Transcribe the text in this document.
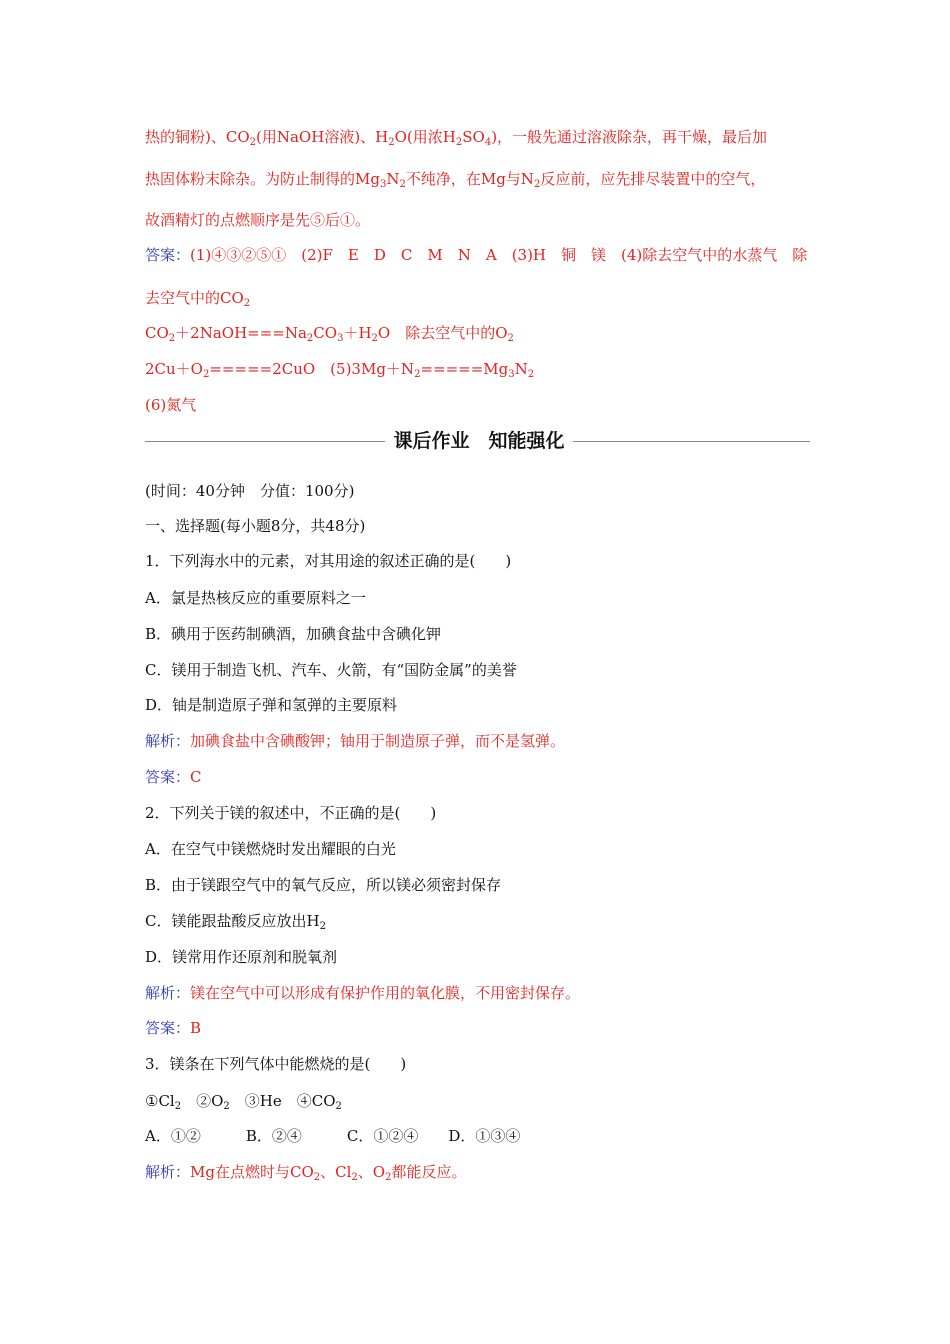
热的铜粉)、$CO_2$(用NaOH溶液)、$H_2O$(用浓$H_2SO_4$)，一般先通过溶液除杂，再干燥，最后加
热固体粉末除杂。为防止制得的$Mg_3N_2$不纯净，在Mg与$N_2$反应前，应先排尽装置中的空气，
故酒精灯的点燃顺序是先⑤后①。
答案：(1)④③②⑤①　(2)F　E　D　C　M　N　A　(3)H　铜　镁　(4)除去空气中的水蒸气　除
去空气中的$CO_2$
$CO_2+2NaOH===Na_2CO_3+H_2O$　除去空气中的$O_2$
$2Cu+O_2=====2CuO$　$(5)3Mg+N_2=====Mg_3N_2$
(6)氮气
课后作业　知能强化
(时间：40分钟　分值：100分)
一、选择题(每小题8分，共48分)
1．下列海水中的元素，对其用途的叙述正确的是(　　)
A．氯是热核反应的重要原料之一
B．碘用于医药制碘酒，加碘食盐中含碘化钾
C．镁用于制造飞机、汽车、火箭，有“国防金属”的美誉
D．铀是制造原子弹和氢弹的主要原料
解析：加碘食盐中含碘酸钾；铀用于制造原子弹，而不是氢弹。
答案：C
2．下列关于镁的叙述中，不正确的是(　　)
A．在空气中镁燃烧时发出耀眼的白光
B．由于镁跟空气中的氧气反应，所以镁必须密封保存
C．镁能跟盐酸反应放出$H_2$
D．镁常用作还原剂和脱氧剂
解析：镁在空气中可以形成有保护作用的氧化膜，不用密封保存。
答案：B
3．镁条在下列气体中能燃烧的是(　　)
$①Cl_2$　$②O_2$　③He　$④CO_2$
A．①②　　　B．②④　　　C．①②④　　D．①③④
解析：Mg在点燃时与$CO_2$、$Cl_2$、$O_2$都能反应。
